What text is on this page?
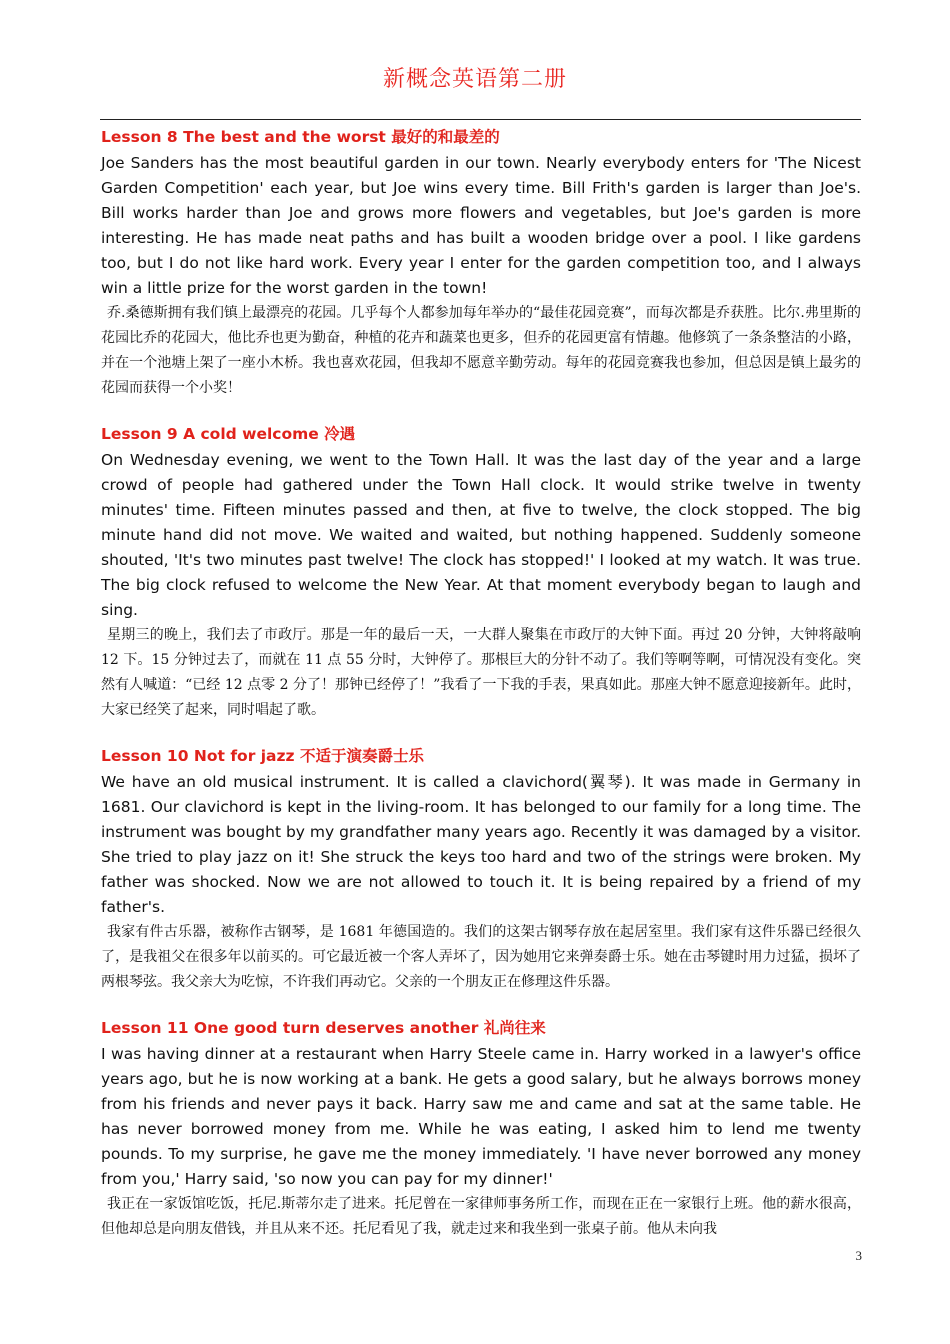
新概念英语第二册
Lesson 8 The best and the worst 最好的和最差的

Joe Sanders has the most beautiful garden in our town. Nearly everybody enters for 'The Nicest Garden Competition' each year, but Joe wins every time. Bill Frith's garden is larger than Joe's. Bill works harder than Joe and grows more flowers and vegetables, but Joe's garden is more interesting. He has made neat paths and has built a wooden bridge over a pool. I like gardens too, but I do not like hard work. Every year I enter for the garden competition too, and I always win a little prize for the worst garden in the town!

乔.桑德斯拥有我们镇上最漂亮的花园。几乎每个人都参加每年举办的“最佳花园竞赛”，而每次都是乔获胜。比尔.弗里斯的花园比乔的花园大，他比乔也更为勤奋，种植的花卉和蔬菜也更多，但乔的花园更富有情趣。他修筑了一条条整洁的小路，并在一个池塘上架了一座小木桥。我也喜欢花园，但我却不愿意辛勤劳动。每年的花园竞赛我也参加，但总因是镇上最劣的花园而获得一个小奖！

Lesson 9 A cold welcome 冷遇

On Wednesday evening, we went to the Town Hall. It was the last day of the year and a large crowd of people had gathered under the Town Hall clock. It would strike twelve in twenty minutes' time. Fifteen minutes passed and then, at five to twelve, the clock stopped. The big minute hand did not move. We waited and waited, but nothing happened. Suddenly someone shouted, 'It's two minutes past twelve! The clock has stopped!' I looked at my watch. It was true. The big clock refused to welcome the New Year. At that moment everybody began to laugh and sing.

星期三的晚上，我们去了市政厅。那是一年的最后一天，一大群人聚集在市政厅的大钟下面。再过 20 分钟，大钟将敲响 12 下。15 分钟过去了，而就在 11 点 55 分时，大钟停了。那根巨大的分针不动了。我们等啊等啊，可情况没有变化。突然有人喊道：“已经 12 点零 2 分了！那钟已经停了！”我看了一下我的手表，果真如此。那座大钟不愿意迎接新年。此时，大家已经笑了起来，同时唱起了歌。

Lesson 10 Not for jazz 不适于演奏爵士乐

We have an old musical instrument. It is called a clavichord(翼琴). It was made in Germany in 1681. Our clavichord is kept in the living-room. It has belonged to our family for a long time. The instrument was bought by my grandfather many years ago. Recently it was damaged by a visitor. She tried to play jazz on it! She struck the keys too hard and two of the strings were broken. My father was shocked. Now we are not allowed to touch it. It is being repaired by a friend of my father's.

我家有件古乐器，被称作古钢琴，是 1681 年德国造的。我们的这架古钢琴存放在起居室里。我们家有这件乐器已经很久了，是我祖父在很多年以前买的。可它最近被一个客人弄坏了，因为她用它来弹奏爵士乐。她在击琴键时用力过猛，损坏了两根琴弦。我父亲大为吃惊，不许我们再动它。父亲的一个朋友正在修理这件乐器。

Lesson 11 One good turn deserves another 礼尚往来

I was having dinner at a restaurant when Harry Steele came in. Harry worked in a lawyer's office years ago, but he is now working at a bank. He gets a good salary, but he always borrows money from his friends and never pays it back. Harry saw me and came and sat at the same table. He has never borrowed money from me. While he was eating, I asked him to lend me twenty pounds. To my surprise, he gave me the money immediately. 'I have never borrowed any money from you,' Harry said, 'so now you can pay for my dinner!'

我正在一家饭馆吃饭，托尼.斯蒂尔走了进来。托尼曾在一家律师事务所工作，而现在正在一家银行上班。他的薪水很高，但他却总是向朋友借钱，并且从来不还。托尼看见了我，就走过来和我坐到一张桌子前。他从未向我

3
